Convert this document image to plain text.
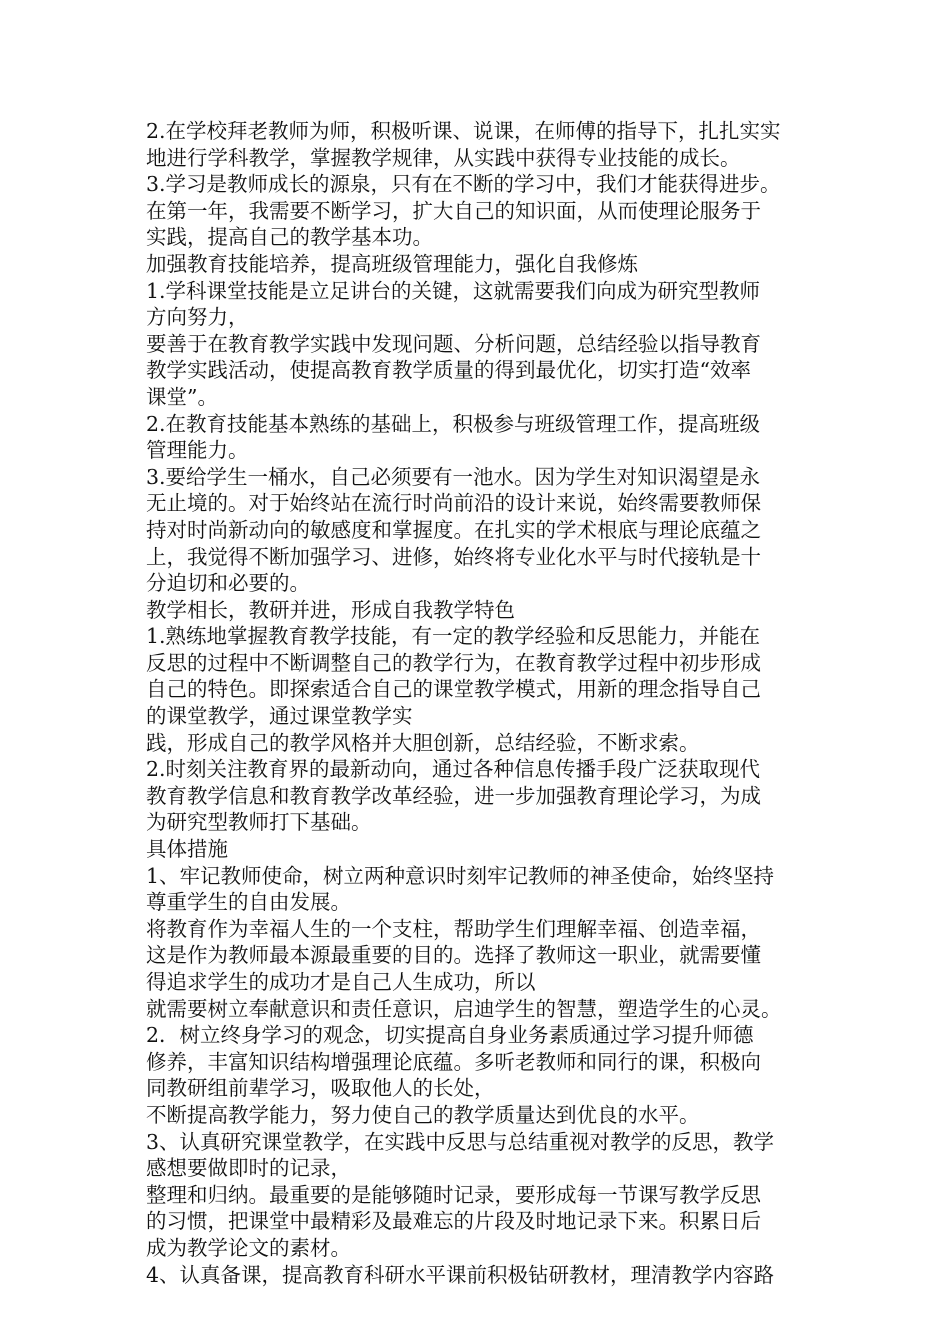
2.在学校拜老教师为师，积极听课、说课，在师傅的指导下，扎扎实实
地进行学科教学，掌握教学规律，从实践中获得专业技能的成长。
3.学习是教师成长的源泉，只有在不断的学习中，我们才能获得进步。
在第一年，我需要不断学习，扩大自己的知识面，从而使理论服务于
实践，提高自己的教学基本功。
加强教育技能培养，提高班级管理能力，强化自我修炼
1.学科课堂技能是立足讲台的关键，这就需要我们向成为研究型教师
方向努力，
要善于在教育教学实践中发现问题、分析问题，总结经验以指导教育
教学实践活动，使提高教育教学质量的得到最优化，切实打造“效率
课堂”。
2.在教育技能基本熟练的基础上，积极参与班级管理工作，提高班级
管理能力。
3.要给学生一桶水，自己必须要有一池水。因为学生对知识渴望是永
无止境的。对于始终站在流行时尚前沿的设计来说，始终需要教师保
持对时尚新动向的敏感度和掌握度。在扎实的学术根底与理论底蕴之
上，我觉得不断加强学习、进修，始终将专业化水平与时代接轨是十
分迫切和必要的。
教学相长，教研并进，形成自我教学特色
1.熟练地掌握教育教学技能，有一定的教学经验和反思能力，并能在
反思的过程中不断调整自己的教学行为，在教育教学过程中初步形成
自己的特色。即探索适合自己的课堂教学模式，用新的理念指导自己
的课堂教学，通过课堂教学实
践，形成自己的教学风格并大胆创新，总结经验，不断求索。
2.时刻关注教育界的最新动向，通过各种信息传播手段广泛获取现代
教育教学信息和教育教学改革经验，进一步加强教育理论学习，为成
为研究型教师打下基础。
具体措施
1、牢记教师使命，树立两种意识时刻牢记教师的神圣使命，始终坚持
尊重学生的自由发展。
将教育作为幸福人生的一个支柱，帮助学生们理解幸福、创造幸福，
这是作为教师最本源最重要的目的。选择了教师这一职业，就需要懂
得追求学生的成功才是自己人生成功，所以
就需要树立奉献意识和责任意识，启迪学生的智慧，塑造学生的心灵。
2．树立终身学习的观念，切实提高自身业务素质通过学习提升师德
修养，丰富知识结构增强理论底蕴。多听老教师和同行的课，积极向
同教研组前辈学习，吸取他人的长处，
不断提高教学能力，努力使自己的教学质量达到优良的水平。
3、认真研究课堂教学，在实践中反思与总结重视对教学的反思，教学
感想要做即时的记录，
整理和归纳。最重要的是能够随时记录，要形成每一节课写教学反思
的习惯，把课堂中最精彩及最难忘的片段及时地记录下来。积累日后
成为教学论文的素材。
4、认真备课，提高教育科研水平课前积极钻研教材，理清教学内容路
